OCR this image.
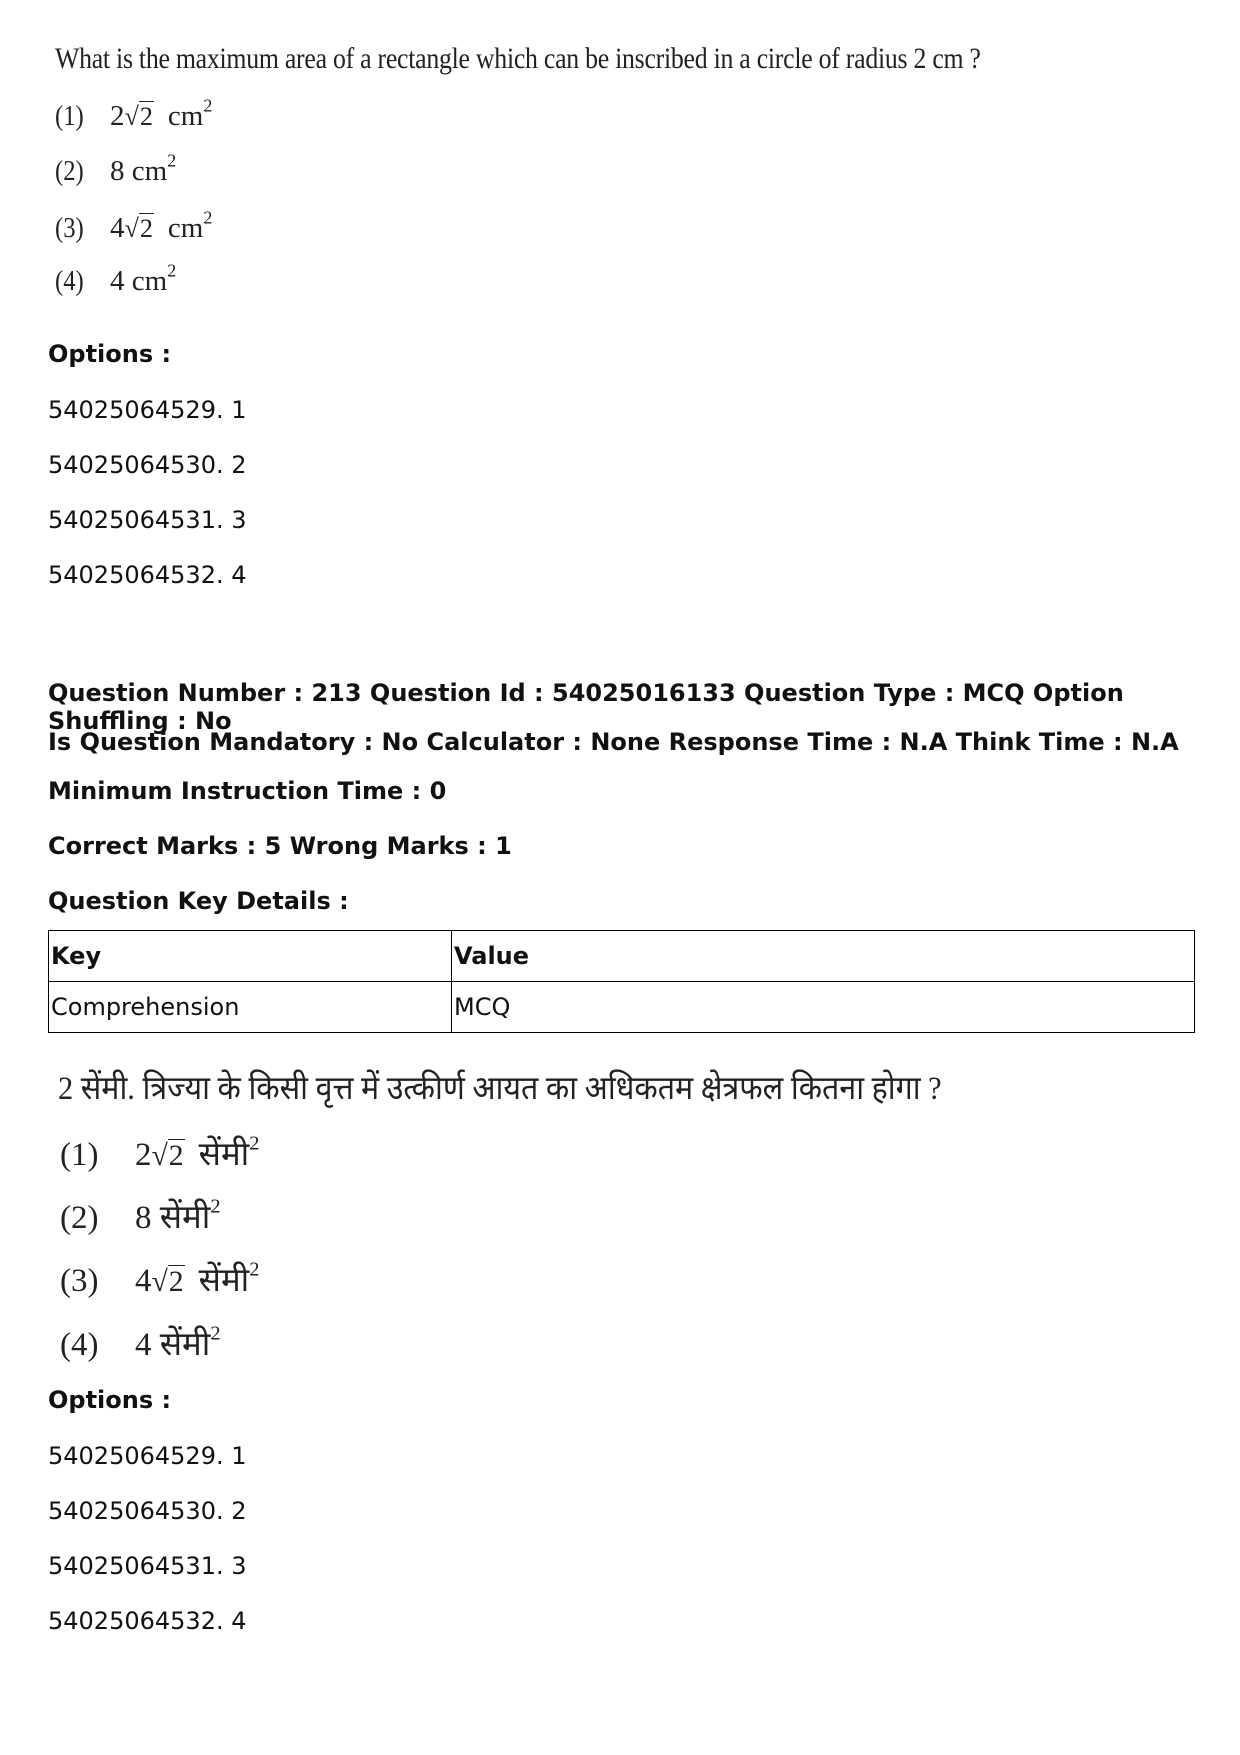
What is the maximum area of a rectangle which can be inscribed in a circle of radius 2 cm ?
(1) 2√2 $cm^2$
(2) 8 $cm^2$
(3) 4√2 $cm^2$
(4) 4 $cm^2$
Options :
54025064529. 1
54025064530. 2
54025064531. 3
54025064532. 4
Question Number : 213 Question Id : 54025016133 Question Type : MCQ Option Shuffling : No
Is Question Mandatory : No Calculator : None Response Time : N.A Think Time : N.A
Minimum Instruction Time : 0
Correct Marks : 5 Wrong Marks : 1
Question Key Details :
Key	Value
Comprehension	MCQ
2 सेंमी. त्रिज्या के किसी वृत्त में उत्कीर्ण आयत का अधिकतम क्षेत्रफल कितना होगा ?
(1)	2√2 सेंमी$^2$
(2)	8 सेंमी$^2$
(3)	4√2 सेंमी$^2$
(4)	4 सेंमी$^2$
Options :
54025064529. 1
54025064530. 2
54025064531. 3
54025064532. 4
